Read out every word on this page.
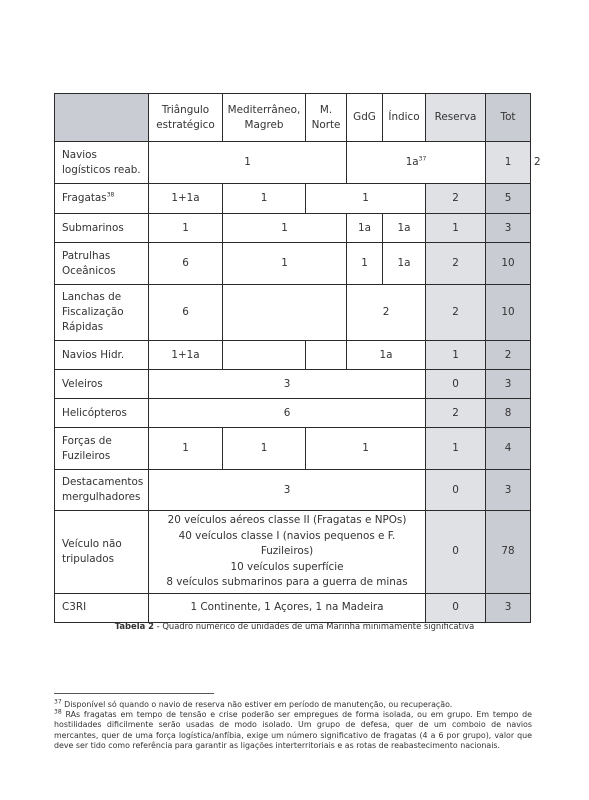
	Triângulo estratégico	Mediterrâneo, Magreb	M. Norte	GdG	Índico	Reserva	Tot	
Navios logísticos reab.	1			$1a^{37}$			1	2
Fragatas$^{38}$	1+1a	1	1			2	5	
Submarinos	1	1		1a	1a	1	3	
Patrulhas Oceânicos	6	1		1	1a	2	10	
Lanchas de Fiscalização Rápidas	6			2		2	10	
Navios Hidr.	1+1a			1a		1	2	
Veleiros	3					0	3	
Helicópteros	6					2	8	
Forças de Fuzileiros	1	1	1			1	4	
Destacamentos mergulhadores	3					0	3	
Veículo não tripulados	20 veículos aéreos classe II (Fragatas e NPOs)
40 veículos classe I (navios pequenos e F. Fuzileiros)
10 veículos superfície
8 veículos submarinos para a guerra de minas					0	78	
C3RI	1 Continente, 1 Açores, 1 na Madeira					0	3	
Tabela 2 - Quadro numérico de unidades de uma Marinha minimamente significativa

$^{37}$ Disponível só quando o navio de reserva não estiver em período de manutenção, ou recuperação.

$^{38}$ RAs fragatas em tempo de tensão e crise poderão ser empregues de forma isolada, ou em grupo. Em tempo de hostilidades dificilmente serão usadas de modo isolado. Um grupo de defesa, quer de um comboio de navios mercantes, quer de uma força logística/anfíbia, exige um número significativo de fragatas (4 a 6 por grupo), valor que deve ser tido como referência para garantir as ligações interterritoriais e as rotas de reabastecimento nacionais.
